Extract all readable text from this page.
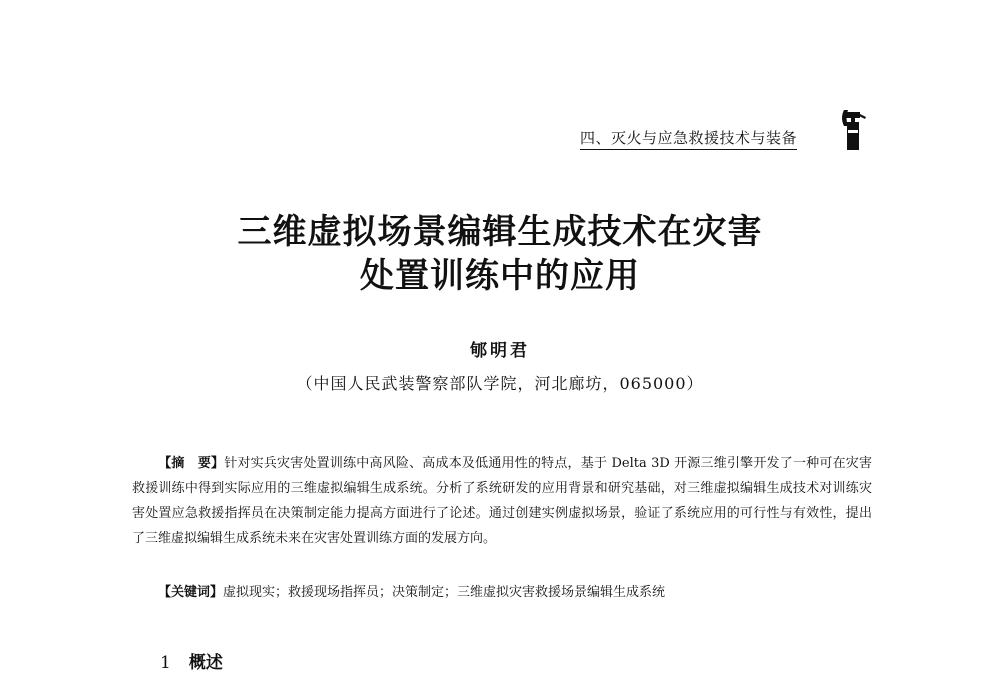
四、灭火与应急救援技术与装备
三维虚拟场景编辑生成技术在灾害
处置训练中的应用
郇明君
（中国人民武装警察部队学院，河北廊坊，065000）
【摘　要】针对实兵灾害处置训练中高风险、高成本及低通用性的特点，基于 Delta 3D 开源三维引擎开发了一种可在灾害救援训练中得到实际应用的三维虚拟编辑生成系统。分析了系统研发的应用背景和研究基础，对三维虚拟编辑生成技术对训练灾害处置应急救援指挥员在决策制定能力提高方面进行了论述。通过创建实例虚拟场景，验证了系统应用的可行性与有效性，提出了三维虚拟编辑生成系统未来在灾害处置训练方面的发展方向。
【关键词】虚拟现实；救援现场指挥员；决策制定；三维虚拟灾害救援场景编辑生成系统
1 概述
